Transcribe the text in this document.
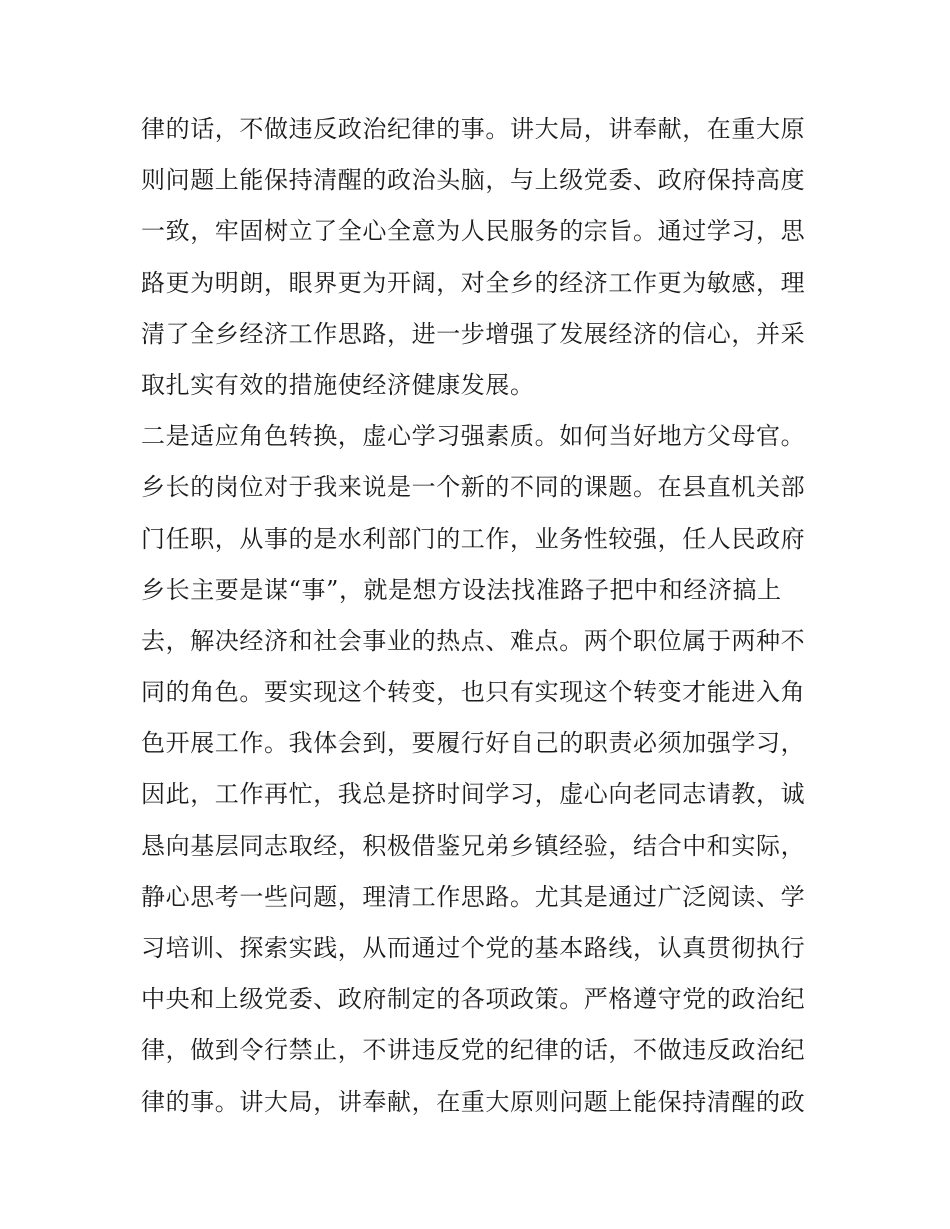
律的话，不做违反政治纪律的事。讲大局，讲奉献，在重大原
则问题上能保持清醒的政治头脑，与上级党委、政府保持高度
一致，牢固树立了全心全意为人民服务的宗旨。通过学习，思
路更为明朗，眼界更为开阔，对全乡的经济工作更为敏感，理
清了全乡经济工作思路，进一步增强了发展经济的信心，并采
取扎实有效的措施使经济健康发展。
二是适应角色转换，虚心学习强素质。如何当好地方父母官。
乡长的岗位对于我来说是一个新的不同的课题。在县直机关部
门任职，从事的是水利部门的工作，业务性较强，任人民政府
乡长主要是谋“事”，就是想方设法找准路子把中和经济搞上
去，解决经济和社会事业的热点、难点。两个职位属于两种不
同的角色。要实现这个转变，也只有实现这个转变才能进入角
色开展工作。我体会到，要履行好自己的职责必须加强学习，
因此，工作再忙，我总是挤时间学习，虚心向老同志请教，诚
恳向基层同志取经，积极借鉴兄弟乡镇经验，结合中和实际，
静心思考一些问题，理清工作思路。尤其是通过广泛阅读、学
习培训、探索实践，从而通过个党的基本路线，认真贯彻执行
中央和上级党委、政府制定的各项政策。严格遵守党的政治纪
律，做到令行禁止，不讲违反党的纪律的话，不做违反政治纪
律的事。讲大局，讲奉献，在重大原则问题上能保持清醒的政
